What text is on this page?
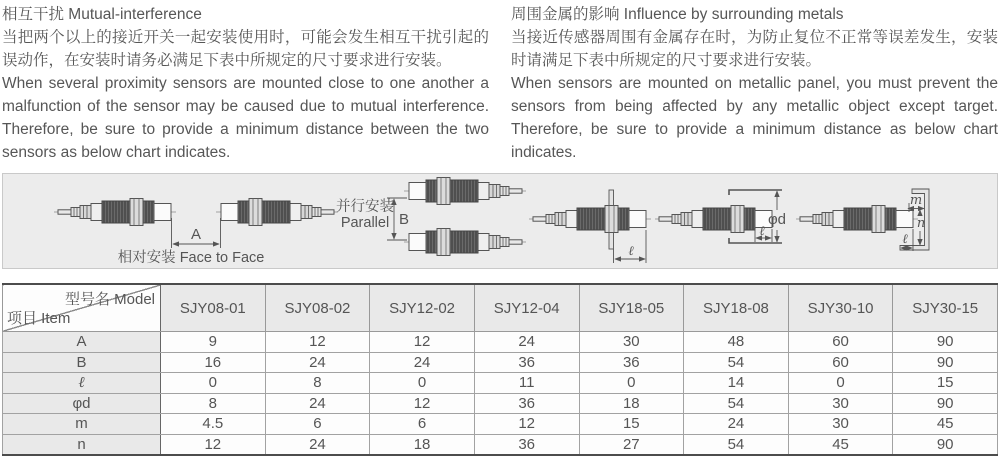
相互干扰 Mutual-interference

当把两个以上的接近开关一起安装使用时，可能会发生相互干扰引起的误动作，在安装时请务必满足下表中所规定的尺寸要求进行安装。

When several proximity sensors are mounted close to one another a malfunction of the sensor may be caused due to mutual interference. Therefore, be sure to provide a minimum distance between the two sensors as below chart indicates.

周围金属的影响 Influence by surrounding metals

当接近传感器周围有金属存在时，为防止复位不正常等误差发生，安装时请满足下表中所规定的尺寸要求进行安装。

When sensors are mounted on metallic panel, you must prevent the sensors from being affected by any metallic object except target. Therefore, be sure to provide a minimum distance as below chart indicates.

A
相对安装 Face to Face
并行安装
Parallel B
ℓ
φd
ℓ
m
n
ℓ
型号名 Model
项目 Item	SJY08-01	SJY08-02	SJY12-02	SJY12-04	SJY18-05	SJY18-08	SJY30-10	SJY30-15
A	9	12	12	24	30	48	60	90
B	16	24	24	36	36	54	60	90
ℓ	0	8	0	11	0	14	0	15
φd	8	24	12	36	18	54	30	90
m	4.5	6	6	12	15	24	30	45
n	12	24	18	36	27	54	45	90
